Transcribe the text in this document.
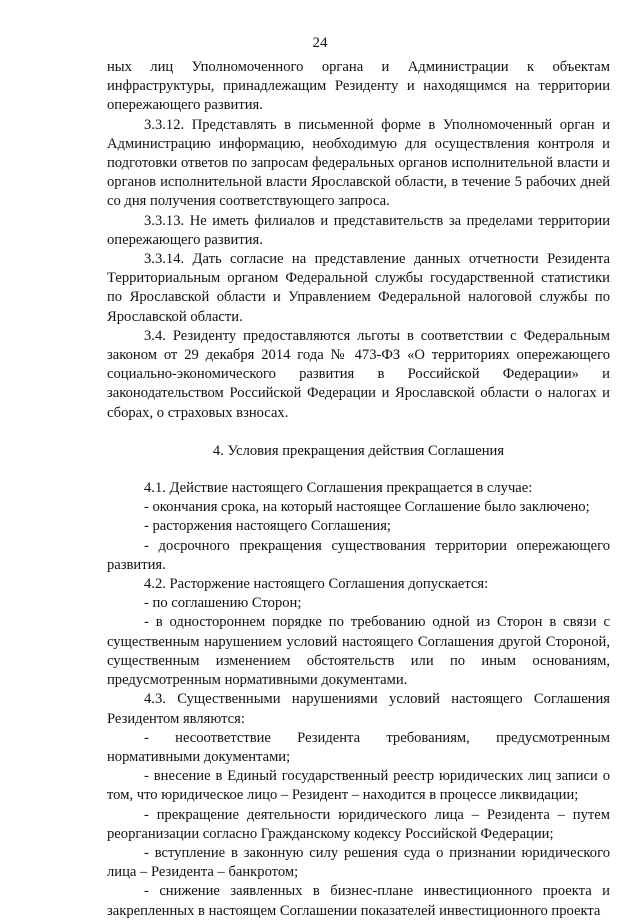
24

ных лиц Уполномоченного органа и Администрации к объектам инфраструктуры, принадлежащим Резиденту и находящимся на территории опережающего развития.

3.3.12. Представлять в письменной форме в Уполномоченный орган и Администрацию информацию, необходимую для осуществления контроля и подготовки ответов по запросам федеральных органов исполнительной власти и органов исполнительной власти Ярославской области, в течение 5 рабочих дней со дня получения соответствующего запроса.

3.3.13. Не иметь филиалов и представительств за пределами территории опережающего развития.

3.3.14. Дать согласие на представление данных отчетности Резидента Территориальным органом Федеральной службы государственной статистики по Ярославской области и Управлением Федеральной налоговой службы по Ярославской области.

3.4. Резиденту предоставляются льготы в соответствии с Федеральным законом от 29 декабря 2014 года № 473-ФЗ «О территориях опережающего социально-экономического развития в Российской Федерации» и законодательством Российской Федерации и Ярославской области о налогах и сборах, о страховых взносах.

4. Условия прекращения действия Соглашения

4.1. Действие настоящего Соглашения прекращается в случае:

- окончания срока, на который настоящее Соглашение было заключено;

- расторжения настоящего Соглашения;

- досрочного прекращения существования территории опережающего развития.

4.2. Расторжение настоящего Соглашения допускается:

- по соглашению Сторон;

- в одностороннем порядке по требованию одной из Сторон в связи с существенным нарушением условий настоящего Соглашения другой Стороной, существенным изменением обстоятельств или по иным основаниям, предусмотренным нормативными документами.

4.3. Существенными нарушениями условий настоящего Соглашения Резидентом являются:

- несоответствие Резидента требованиям, предусмотренным нормативными документами;

- внесение в Единый государственный реестр юридических лиц записи о том, что юридическое лицо – Резидент – находится в процессе ликвидации;

- прекращение деятельности юридического лица – Резидента – путем реорганизации согласно Гражданскому кодексу Российской Федерации;

- вступление в законную силу решения суда о признании юридического лица – Резидента – банкротом;

- снижение заявленных в бизнес-плане инвестиционного проекта и закрепленных в настоящем Соглашении показателей инвестиционного проекта
